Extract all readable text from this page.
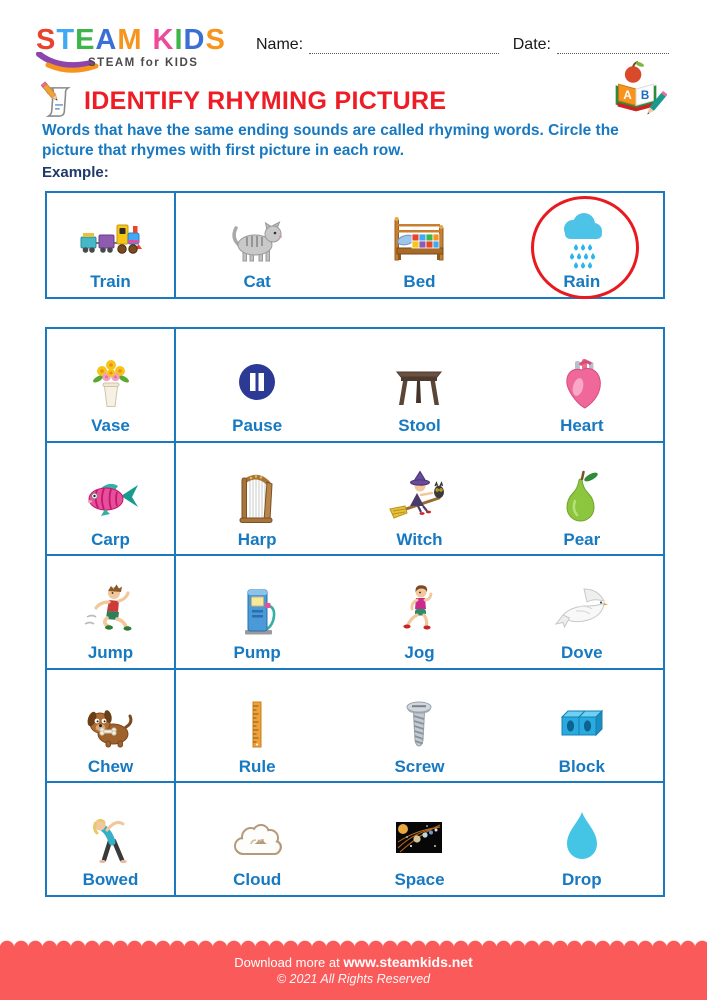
STEAM KIDS
STEAM for KIDS
Name:	Date:
A B
IDENTIFY RHYMING PICTURE
Words that have the same ending sounds are called rhyming words. Circle the picture that rhymes with first picture in each row.
Example:
Train	Cat	Bed	Rain
Vase	Pause	Stool	Heart
Carp	Harp	Witch	Pear
Jump	Pump	Jog	Dove
Chew	Rule	Screw	Block
Bowed	Cloud	Space	Drop
Download more at www.steamkids.net
© 2021 All Rights Reserved
